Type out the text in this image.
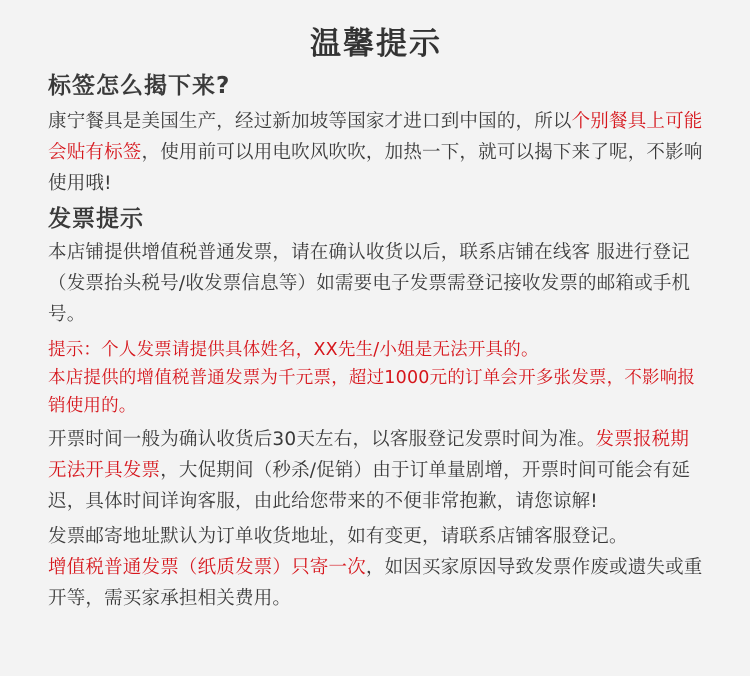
温馨提示
标签怎么揭下来?

康宁餐具是美国生产，经过新加坡等国家才进口到中国的，所以个别餐具上可能会贴有标签，使用前可以用电吹风吹吹，加热一下，就可以揭下来了呢，不影响使用哦!

发票提示

本店铺提供增值税普通发票，请在确认收货以后，联系店铺在线客 服进行登记（发票抬头税号/收发票信息等）如需要电子发票需登记接收发票的邮箱或手机号。

提示：个人发票请提供具体姓名，XX先生/小姐是无法开具的。

本店提供的增值税普通发票为千元票，超过1000元的订单会开多张发票，不影响报销使用的。

开票时间一般为确认收货后30天左右，以客服登记发票时间为准。发票报税期无法开具发票，大促期间（秒杀/促销）由于订单量剧增，开票时间可能会有延迟，具体时间详询客服，由此给您带来的不便非常抱歉，请您谅解!

发票邮寄地址默认为订单收货地址，如有变更，请联系店铺客服登记。

增值税普通发票（纸质发票）只寄一次，如因买家原因导致发票作废或遗失或重开等，需买家承担相关费用。
